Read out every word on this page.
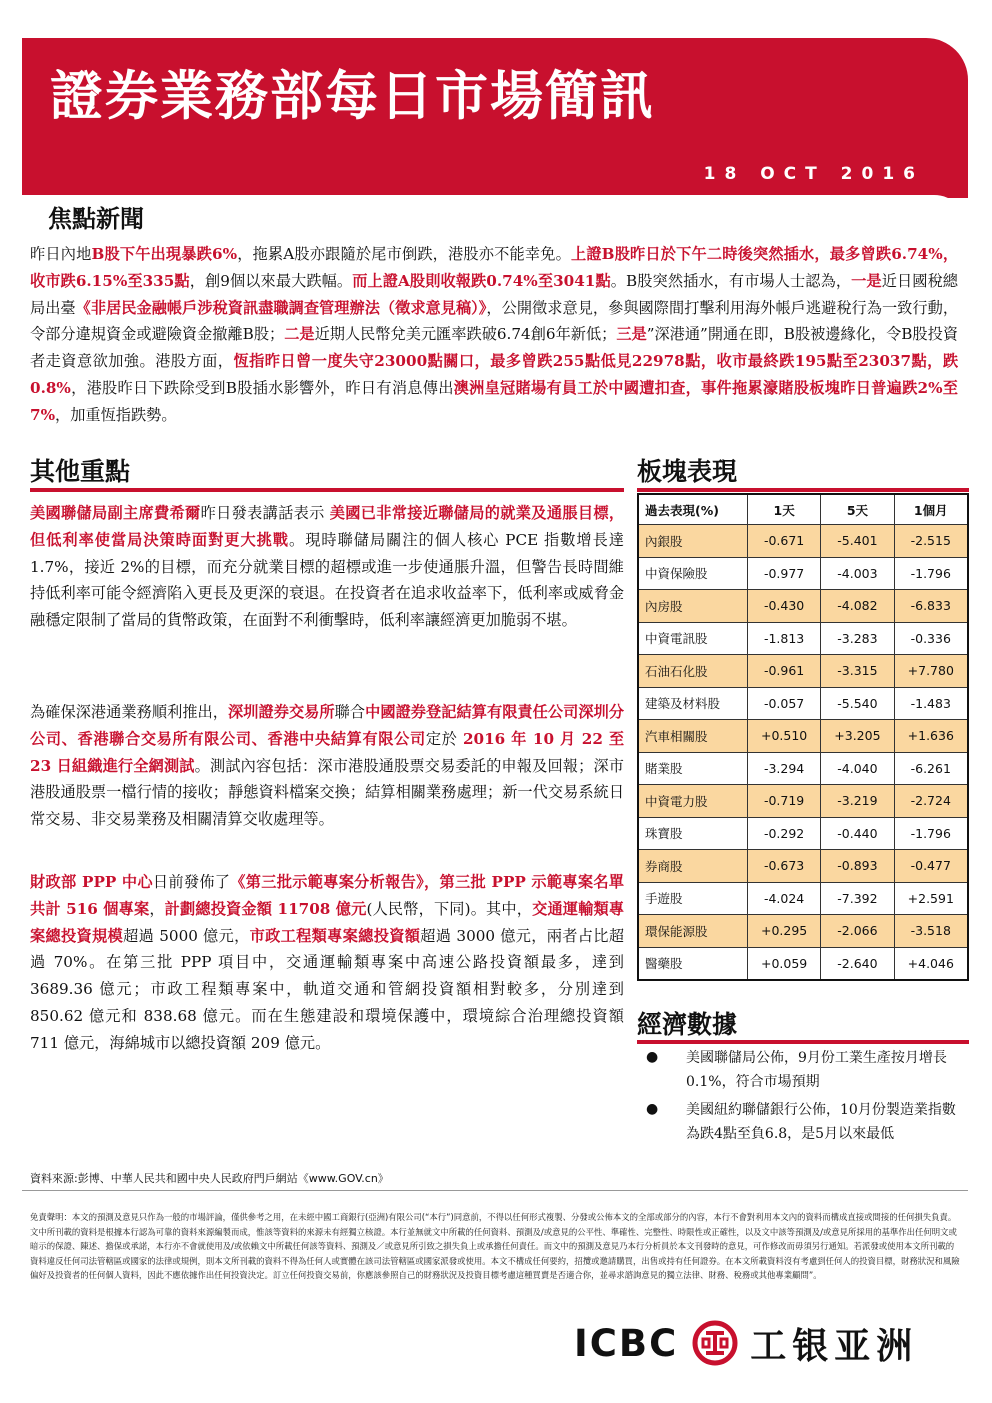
證券業務部每日市場簡訊
18 OCT 2016
焦點新聞

昨日內地B股下午出現暴跌6%，拖累A股亦跟隨於尾市倒跌，港股亦不能幸免。上證B股昨日於下午二時後突然插水，最多曾跌6.74%，收市跌6.15%至335點，創9個以來最大跌幅。而上證A股則收報跌0.74%至3041點。B股突然插水，有市場人士認為，一是近日國稅總局出臺《非居民金融帳戶涉稅資訊盡職調查管理辦法（徵求意見稿）》，公開徵求意見，參與國際間打擊利用海外帳戶逃避稅行為一致行動，令部分違規資金或避險資金撤離B股；二是近期人民幣兌美元匯率跌破6.74創6年新低；三是”深港通”開通在即，B股被邊緣化，令B股投資者走資意欲加強。港股方面，恆指昨日曾一度失守23000點關口，最多曾跌255點低見22978點，收市最終跌195點至23037點，跌0.8%，港股昨日下跌除受到B股插水影響外，昨日有消息傳出澳洲皇冠賭場有員工於中國遭扣查，事件拖累濠賭股板塊昨日普遍跌2%至7%，加重恆指跌勢。

其他重點

美國聯儲局副主席費希爾昨日發表講話表示 美國已非常接近聯儲局的就業及通脹目標，但低利率使當局決策時面對更大挑戰。現時聯儲局關注的個人核心 PCE 指數增長達 1.7%，接近 2%的目標，而充分就業目標的超標或進一步使通脹升溫，但警告長時間維持低利率可能令經濟陷入更長及更深的衰退。在投資者在追求收益率下，低利率或威脅金融穩定限制了當局的貨幣政策，在面對不利衝擊時，低利率讓經濟更加脆弱不堪。

為確保深港通業務順利推出，深圳證券交易所聯合中國證券登記結算有限責任公司深圳分公司、香港聯合交易所有限公司、香港中央結算有限公司定於 2016 年 10 月 22 至 23 日組織進行全網測試。測試內容包括：深市港股通股票交易委託的申報及回報；深市港股通股票一檔行情的接收；靜態資料檔案交換；結算相關業務處理；新一代交易系統日常交易、非交易業務及相關清算交收處理等。

財政部 PPP 中心日前發佈了《第三批示範專案分析報告》，第三批 PPP 示範專案名單共計 516 個專案，計劃總投資金額 11708 億元(人民幣，下同)。其中，交通運輸類專案總投資規模超過 5000 億元，市政工程類專案總投資額超過 3000 億元，兩者占比超過 70%。在第三批 PPP 項目中，交通運輸類專案中高速公路投資額最多，達到 3689.36 億元；市政工程類專案中，軌道交通和管網投資額相對較多，分別達到 850.62 億元和 838.68 億元。而在生態建設和環境保護中，環境綜合治理總投資額 711 億元，海綿城市以總投資額 209 億元。

板塊表現
過去表現(%)	1天	5天	1個月
內銀股	-0.671	-5.401	-2.515
中資保險股	-0.977	-4.003	-1.796
內房股	-0.430	-4.082	-6.833
中資電訊股	-1.813	-3.283	-0.336
石油石化股	-0.961	-3.315	+7.780
建築及材料股	-0.057	-5.540	-1.483
汽車相關股	+0.510	+3.205	+1.636
賭業股	-3.294	-4.040	-6.261
中資電力股	-0.719	-3.219	-2.724
珠寶股	-0.292	-0.440	-1.796
券商股	-0.673	-0.893	-0.477
手遊股	-4.024	-7.392	+2.591
環保能源股	+0.295	-2.066	-3.518
醫藥股	+0.059	-2.640	+4.046
經濟數據
●	美國聯儲局公佈，9月份工業生產按月增長0.1%，符合市場預期

●	美國紐約聯儲銀行公佈，10月份製造業指數為跌4點至負6.8，是5月以來最低

資料來源:彭博、中華人民共和國中央人民政府門戶網站《www.GOV.cn》

免責聲明：本文的預測及意見只作為一般的市場評論，僅供參考之用，在未經中國工商銀行(亞洲)有限公司(“本行”)同意前，不得以任何形式複製、分發或公佈本文的全部或部分的內容，本行不會對利用本文內的資料而構成直接或間接的任何損失負責。文中所刊載的資料是根據本行認為可靠的資料來源編製而成，惟該等資料的來源未有經獨立核證。本行並無就文中所載的任何資料、預測及/或意見的公平性、準確性、完整性、時限性或正確性，以及文中該等預測及/或意見所採用的基準作出任何明文或暗示的保證、陳述、擔保或承諾，本行亦不會就使用及/或依賴文中所載任何該等資料、預測及／或意見所引致之損失負上或承擔任何責任。而文中的預測及意見乃本行分析員於本文刊發時的意見，可作修改而毋須另行通知。若派發或使用本文所刊載的資料違反任何司法管轄區或國家的法律或規例，則本文所刊載的資料不得為任何人或實體在該司法管轄區或國家派發或使用。本文不構成任何要約，招攬或邀請購買，出售或持有任何證券。在本文所載資料沒有考慮到任何人的投資目標，財務狀況和風險偏好及投資者的任何個人資料，因此不應依據作出任何投資決定。訂立任何投資交易前，你應該參照自己的財務狀況及投資目標考慮這種買賣是否適合你，並尋求諮詢意見的獨立法律、財務、稅務或其他專業顧問”。

ICBC 工银亚洲
